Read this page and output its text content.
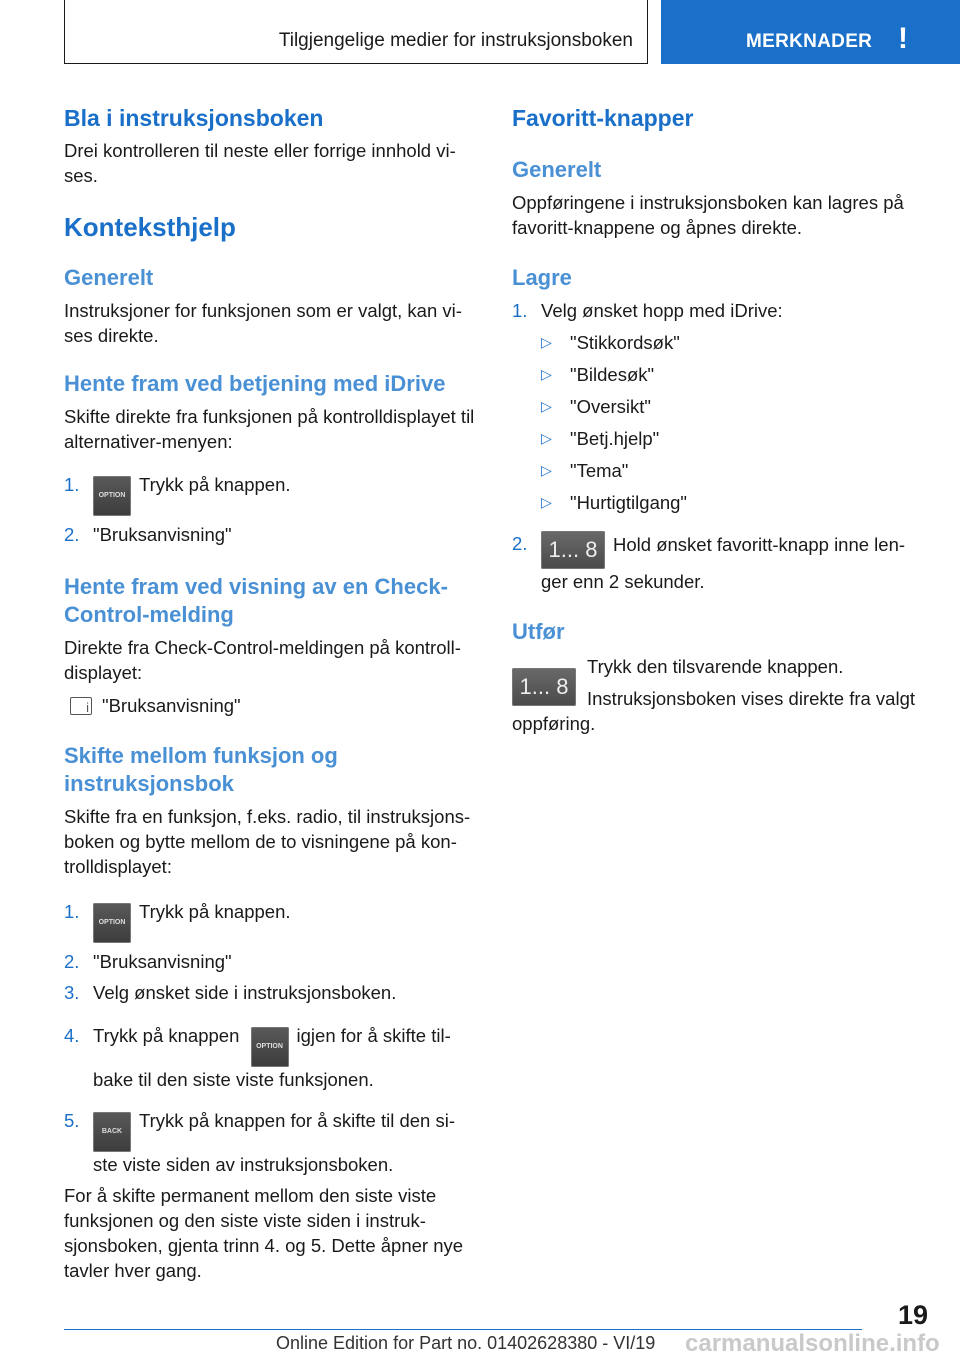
Tilgjengelige medier for instruksjonsboken	MERKNADER !
Bla i instruksjonsboken

Drei kontrolleren til neste eller forrige innhold vi-ses.

Konteksthjelp
Generelt

Instruksjoner for funksjonen som er valgt, kan vi-ses direkte.

Hente fram ved betjening med iDrive

Skifte direkte fra funksjonen på kontrolldisplayet til alternativer-menyen:

1.
OPTIONTrykk på knappen.
2. "Bruksanvisning"
Hente fram ved visning av en Check-Control-melding

Direkte fra Check-Control-meldingen på kontroll-displayet:

i"Bruksanvisning"

Skifte mellom funksjon og instruksjonsbok

Skifte fra en funksjon, f.eks. radio, til instruksjons-boken og bytte mellom de to visningene på kon-trolldisplayet:

1.
OPTIONTrykk på knappen.
2. "Bruksanvisning"
3. Velg ønsket side i instruksjonsboken.
4. Trykk på knappen OPTIONigjen for å skifte til-bake til den siste viste funksjonen.
5.
BACKTrykk på knappen for å skifte til den si-ste viste siden av instruksjonsboken.

For å skifte permanent mellom den siste viste funksjonen og den siste viste siden i instruk-sjonsboken, gjenta trinn 4. og 5. Dette åpner nye tavler hver gang.

Favoritt-knapper
Generelt

Oppføringene i instruksjonsboken kan lagres på favoritt-knappene og åpnes direkte.

Lagre
1. Velg ønsket hopp med iDrive:
▷ "Stikkordsøk"
▷ "Bildesøk"
▷ "Oversikt"
▷ "Betj.hjelp"
▷ "Tema"
▷ "Hurtigtilgang"
2. 1... 8 Hold ønsket favoritt-knapp inne len-ger enn 2 sekunder.
Utfør
1... 8

Trykk den tilsvarende knappen.

Instruksjonsboken vises direkte fra valgt oppføring.

19
Online Edition for Part no. 01402628380 - VI/19 carmanualsonline.info
